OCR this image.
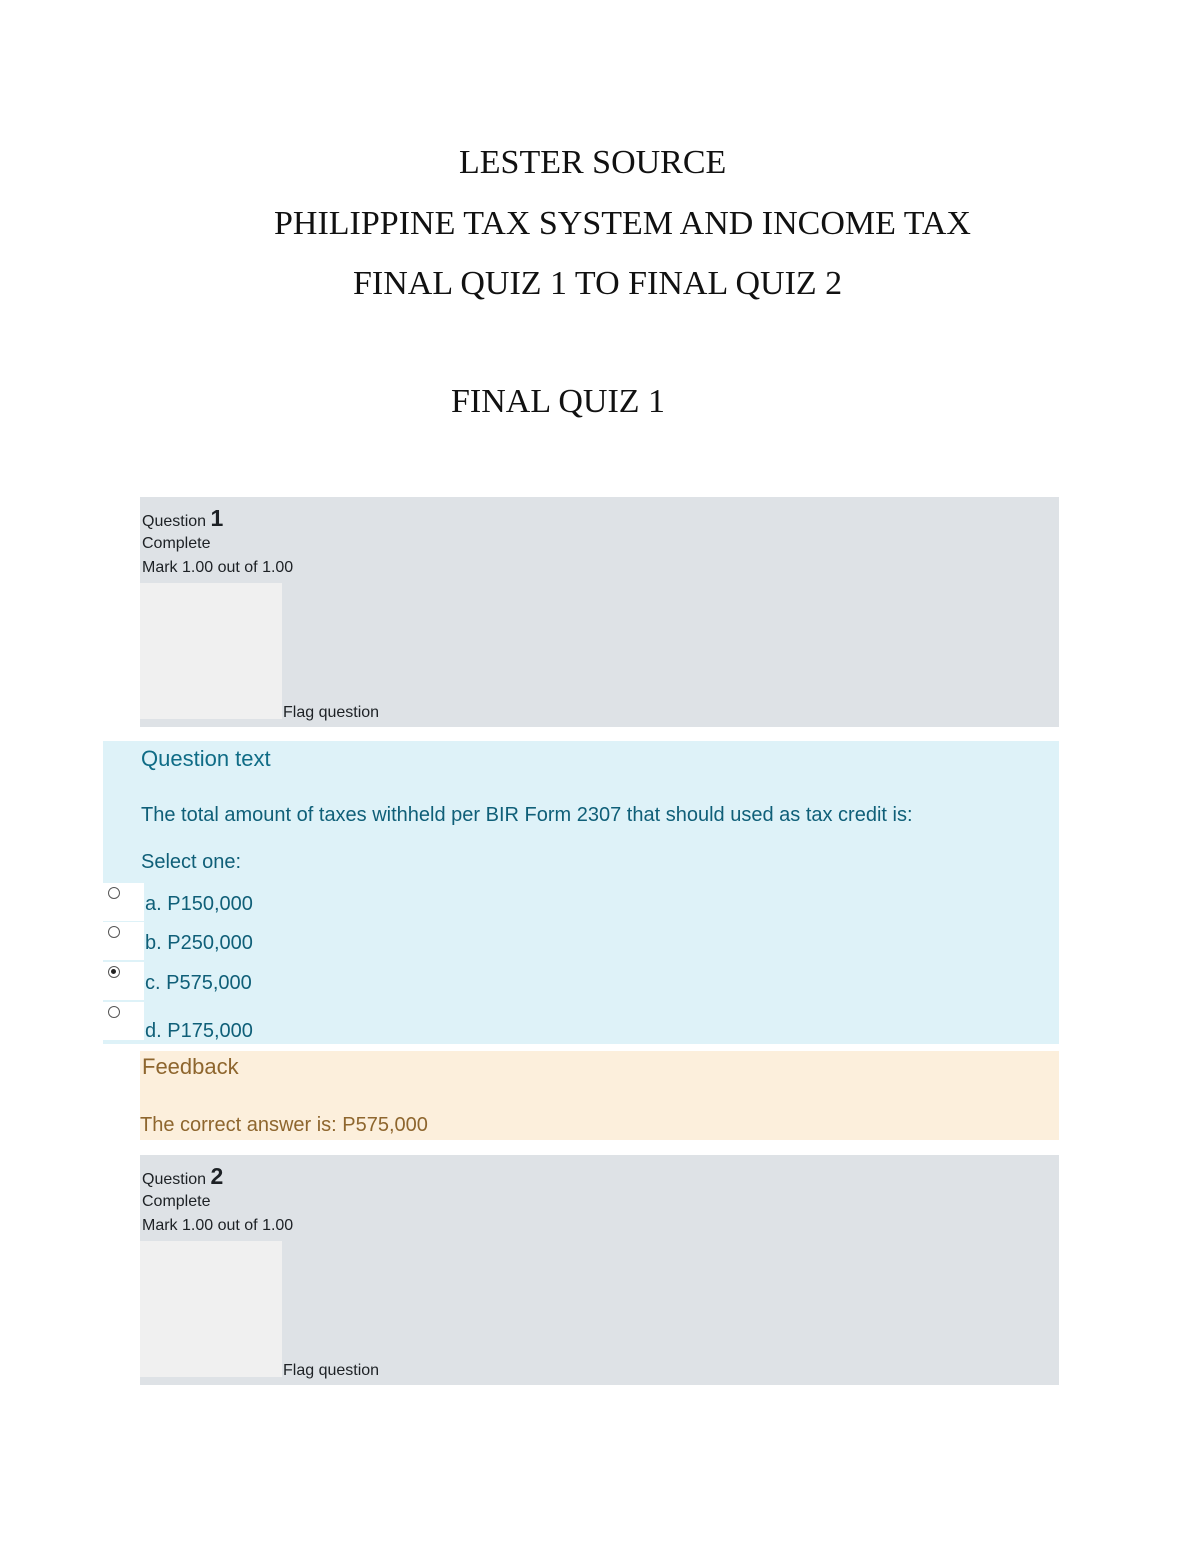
LESTER SOURCE
PHILIPPINE TAX SYSTEM AND INCOME TAX
FINAL QUIZ 1 TO FINAL QUIZ 2
FINAL QUIZ 1
Question 1
Complete
Mark 1.00 out of 1.00
Flag question
Question text
The total amount of taxes withheld per BIR Form 2307 that should used as tax credit is:
Select one:
a. P150,000
b. P250,000
c. P575,000
d. P175,000
Feedback
The correct answer is: P575,000
Question 2
Complete
Mark 1.00 out of 1.00
Flag question
